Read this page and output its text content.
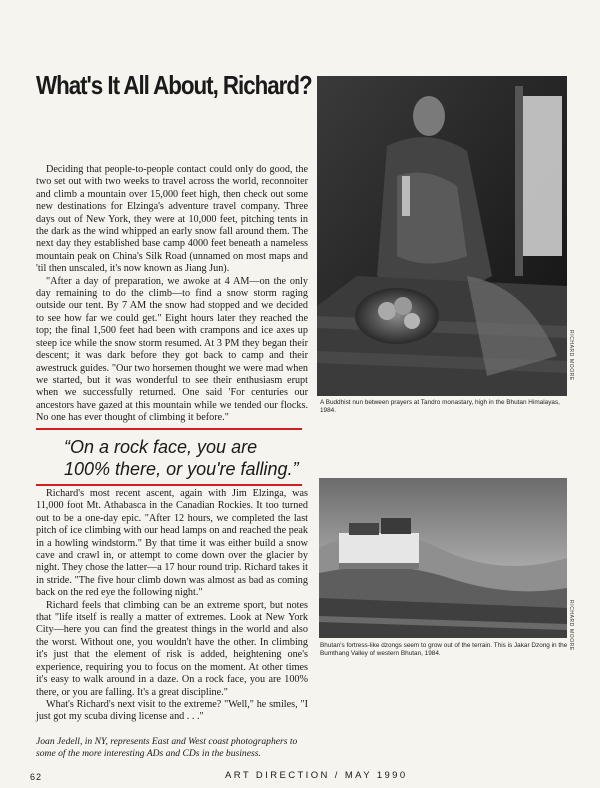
What's It All About, Richard?

Deciding that people-to-people contact could only do good, the two set out with two weeks to travel across the world, reconnoiter and climb a mountain over 15,000 feet high, then check out some new destinations for Elzinga's adventure travel company. Three days out of New York, they were at 10,000 feet, pitching tents in the dark as the wind whipped an early snow fall around them. The next day they established base camp 4000 feet beneath a nameless mountain peak on China's Silk Road (unnamed on most maps and 'til then unscaled, it's now known as Jiang Jun).

"After a day of preparation, we awoke at 4 AM—on the only day remaining to do the climb—to find a snow storm raging outside our tent. By 7 AM the snow had stopped and we decided to see how far we could get." Eight hours later they reached the top; the final 1,500 feet had been with crampons and ice axes up steep ice while the snow storm resumed. At 3 PM they began their descent; it was dark before they got back to camp and their awestruck guides. "Our two horsemen thought we were mad when we started, but it was wonderful to see their enthusiasm erupt when we successfully returned. One said 'For centuries our ancestors have gazed at this mountain while we tended our flocks. No one has ever thought of climbing it before."

“On a rock face, you are
100% there, or you're falling.”

Richard's most recent ascent, again with Jim Elzinga, was 11,000 foot Mt. Athabasca in the Canadian Rockies. It too turned out to be a one-day epic. "After 12 hours, we completed the last pitch of ice climbing with our head lamps on and reached the peak in a howling windstorm." By that time it was either build a snow cave and crawl in, or attempt to come down over the glacier by night. They chose the latter—a 17 hour round trip. Richard takes it in stride. "The five hour climb down was almost as bad as coming back on the red eye the following night."

Richard feels that climbing can be an extreme sport, but notes that "life itself is really a matter of extremes. Look at New York City—here you can find the greatest things in the world and also the worst. Without one, you wouldn't have the other. In climbing it's just that the element of risk is added, heightening one's experience, requiring you to focus on the moment. At other times it's easy to walk around in a daze. On a rock face, you are 100% there, or you are falling. It's a great discipline."

What's Richard's next visit to the extreme? "Well," he smiles, "I just got my scuba diving license and . . ."

Joan Jedell, in NY, represents East and West coast photographers to some of the more interesting ADs and CDs in the business.
RICHARD MOORE
A Buddhist nun between prayers at Tandro monastary, high in the Bhutan Himalayas, 1984.
RICHARD MOORE
Bhutan's fortress-like dzongs seem to grow out of the terrain. This is Jakar Dzong in the Bumthang Valley of western Bhutan, 1984.
62	ART DIRECTION / MAY 1990
